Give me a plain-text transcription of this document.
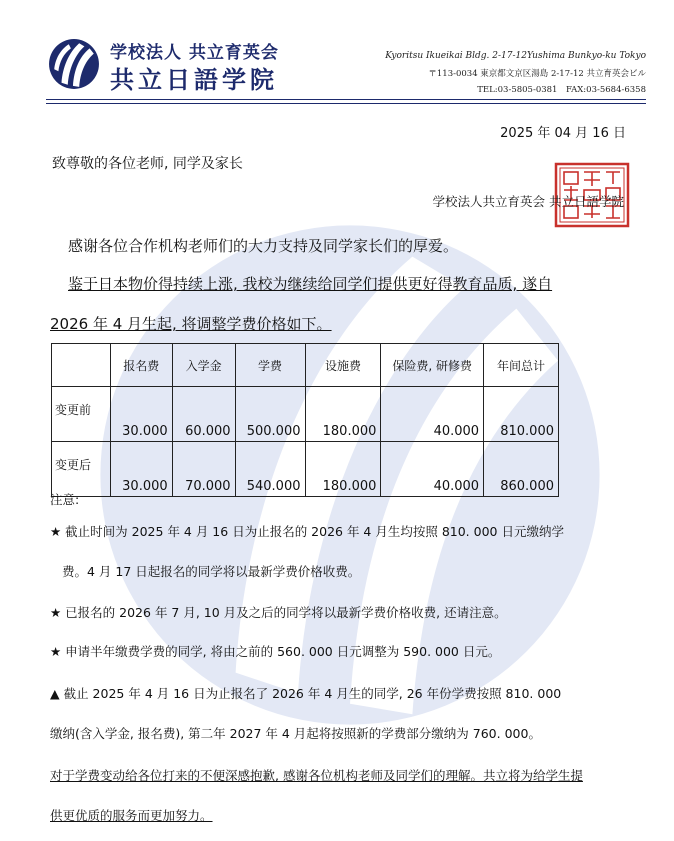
学校法人 共立育英会
共立日語学院
Kyoritsu Ikueikai Bldg. 2-17-12Yushima Bunkyo-ku Tokyo
〒113-0034 東京都文京区湯島 2-17-12 共立育英会ビル
TEL:03-5805-0381　FAX:03-5684-6358
2025 年 04 月 16 日
致尊敬的各位老师, 同学及家长
学校法人共立育英会 共立日語学院
感谢各位合作机构老师们的大力支持及同学家长们的厚爱。
鉴于日本物价得持续上涨, 我校为继续给同学们提供更好得教育品质, 遂自
2026 年 4 月生起, 将调整学费价格如下。
	报名费	入学金	学费	设施费	保险费, 研修费	年间总计
变更前	30.000	60.000	500.000	180.000	40.000	810.000
变更后	30.000	70.000	540.000	180.000	40.000	860.000
注意:
★ 截止时间为 2025 年 4 月 16 日为止报名的 2026 年 4 月生均按照 810. 000 日元缴纳学
费。4 月 17 日起报名的同学将以最新学费价格收费。
★ 已报名的 2026 年 7 月, 10 月及之后的同学将以最新学费价格收费, 还请注意。
★ 申请半年缴费学费的同学, 将由之前的 560. 000 日元调整为 590. 000 日元。
▲ 截止 2025 年 4 月 16 日为止报名了 2026 年 4 月生的同学, 26 年份学费按照 810. 000
缴纳(含入学金, 报名费), 第二年 2027 年 4 月起将按照新的学费部分缴纳为 760. 000。
对于学费变动给各位打来的不便深感抱歉, 感谢各位机构老师及同学们的理解。共立将为给学生提
供更优质的服务而更加努力。
